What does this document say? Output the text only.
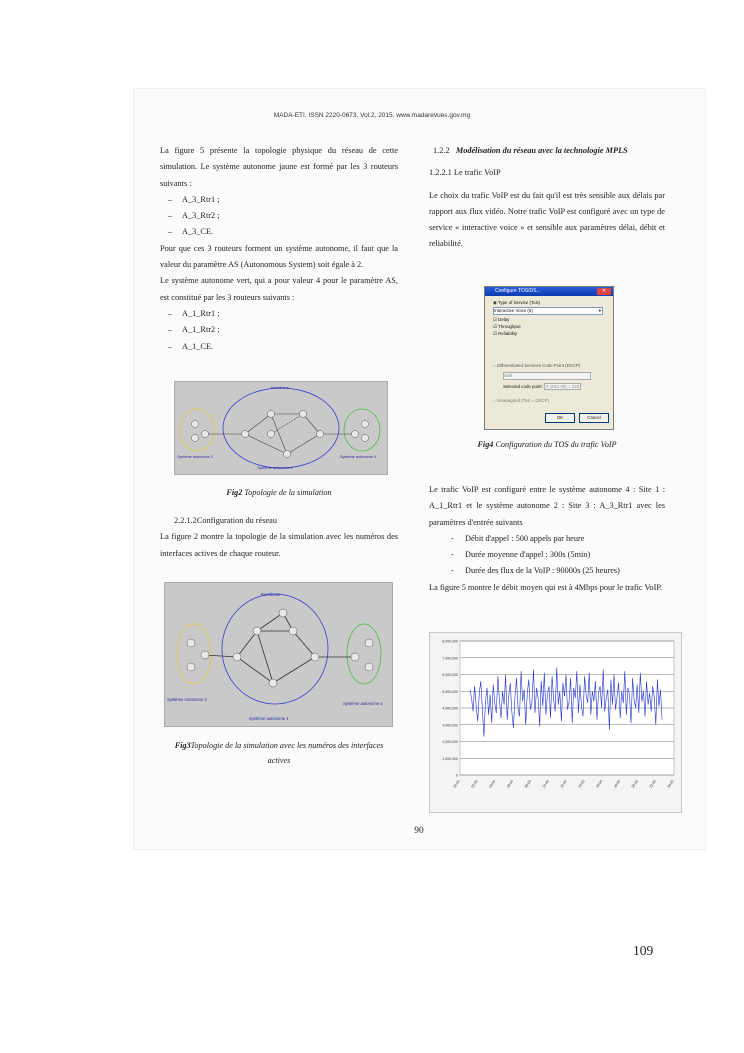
MADA-ETI, ISSN 2220-0673, Vol.2, 2015, www.madarevues.gov.mg

La figure 5 présente la topologie physique du réseau de cette simulation. Le système autonome jaune est formé par les 3 routeurs suivants :

– A_3_Rtr1 ;

– A_3_Rtr2 ;

– A_3_CE.

Pour que ces 3 routeurs forment un système autonome, il faut que la valeur du paramètre AS (Autonomous System) soit égale à 2.

Le système autonome vert, qui a pour valeur 4 pour le paramètre AS, est constitué par les 3 routeurs suivants :

– A_1_Rtr1 ;

– A_1_Rtr2 ;

– A_1_CE.

Backbone
Système autonome 2	Système autonome 4
Système autonome 1
Fig2 Topologie de la simulation

2.2.1.2Configuration du réseau

La figure 2 montre la topologie de la simulation avec les numéros des interfaces actives de chaque routeur.

Backbone
Système Autonome 2
Système autonome 4
Système autonome 1
Fig3Topologie de la simulation avec les numéros des interfaces actives

1.2.2 Modélisation du réseau avec la technologie MPLS

1.2.2.1 Le trafic VoIP

Le choix du trafic VoIP est du fait qu'il est très sensible aux délais par rapport aux flux vidéo. Notre trafic VoIP est configuré avec un type de service « interactive voice » et sensible aux paramètres délai, débit et reliabilité.

Configure TOS/DS...	✕
◉ Type of Service (ToS)
Interactive Voice (6)	▾
☑ Delay
☑ Throughput
☑ Reliability
○ Differentiated Services Code Point (DSCP)
Soft
Selected code point: 0 1011 00) = 220
○ Unassigned (ToS = DSCP)
OK	Cancel
Fig4 Configuration du TOS du trafic VoIP

Le trafic VoIP est configuré entre le système autonome 4 : Site 1 : A_1_Rtr1 et le système autonome 2 : Site 3 : A_3_Rtr1 avec les paramètres d'entrée suivants

- Débit d'appel : 500 appels par heure

- Durée moyenne d'appel : 300s (5min)

- Durée des flux de la VoIP : 90000s (25 heures)

La figure 5 montre le débit moyen qui est à 4Mbps pour le trafic VoIP.

8,000,000
7,000,000
6,000,000
5,000,000
4,000,000
3,000,000
2,000,000
1,000,000
0
00:00	02:00	04:00	06:00	08:00	10:00	12:00	14:00	16:00	18:00	20:00	22:00	24:00
90
109
